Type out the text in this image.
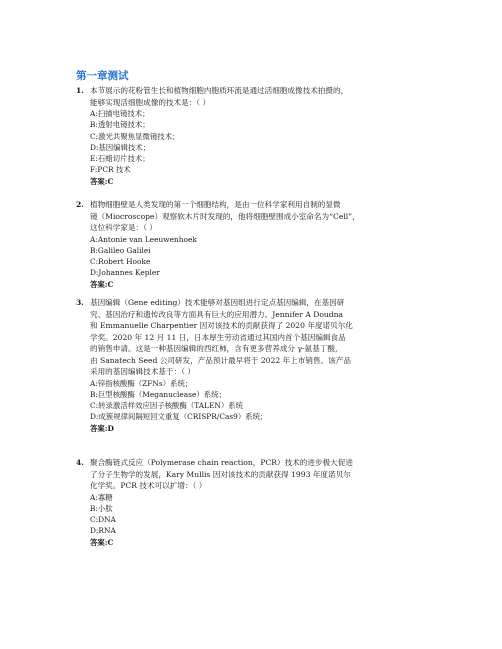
第一章测试
1. 本节展示的花粉管生长和植物细胞内胞质环流是通过活细胞成像技术拍摄的，
能够实现活细胞成像的技术是：（ ）

A:扫描电镜技术；
B:透射电镜技术；
C:激光共聚焦显微镜技术；
D:基因编辑技术；
E:石蜡切片技术；
F:PCR 技术
答案:C
2. 植物细胞壁是人类发现的第一个细胞结构，是由一位科学家利用自制的显微
镜（Miocroscope）观察软木片时发现的，他将细胞壁围成小室命名为“Cell”，
这位科学家是：（ ）

A:Antonie van Leeuwenhoek
B:Galileo Galilei
C:Robert Hooke
D:Johannes Kepler
答案:C
3. 基因编辑（Gene editing）技术能够对基因组进行定点基因编辑，在基因研
究、基因治疗和遗传改良等方面具有巨大的应用潜力。Jennifer A Doudna
和 Emmanuelle Charpentier 因对该技术的贡献获得了 2020 年度诺贝尔化
学奖。2020 年 12 月 11 日，日本厚生劳动省通过其国内首个基因编辑食品
的销售申请。这是一种基因编辑的西红柿，含有更多营养成分 γ-氨基丁酸，
由 Sanatech Seed 公司研发，产品预计最早将于 2022 年上市销售。该产品
采用的基因编辑技术基于：（ ）

A:锌指核酸酶（ZFNs）系统；
B:巨型核酸酶（Meganuclease）系统；
C:转录激活样效应因子核酸酶（TALEN）系统
D:成簇规律间隔短回文重复（CRISPR/Cas9）系统；
答案:D
4. 聚合酶链式反应（Polymerase chain reaction，PCR）技术的进步极大促进
了分子生物学的发展，Kary Mullis 因对该技术的贡献获得 1993 年度诺贝尔
化学奖。PCR 技术可以扩增：（ ）

A:寡糖
B:小肽
C:DNA
D:RNA
答案:C
